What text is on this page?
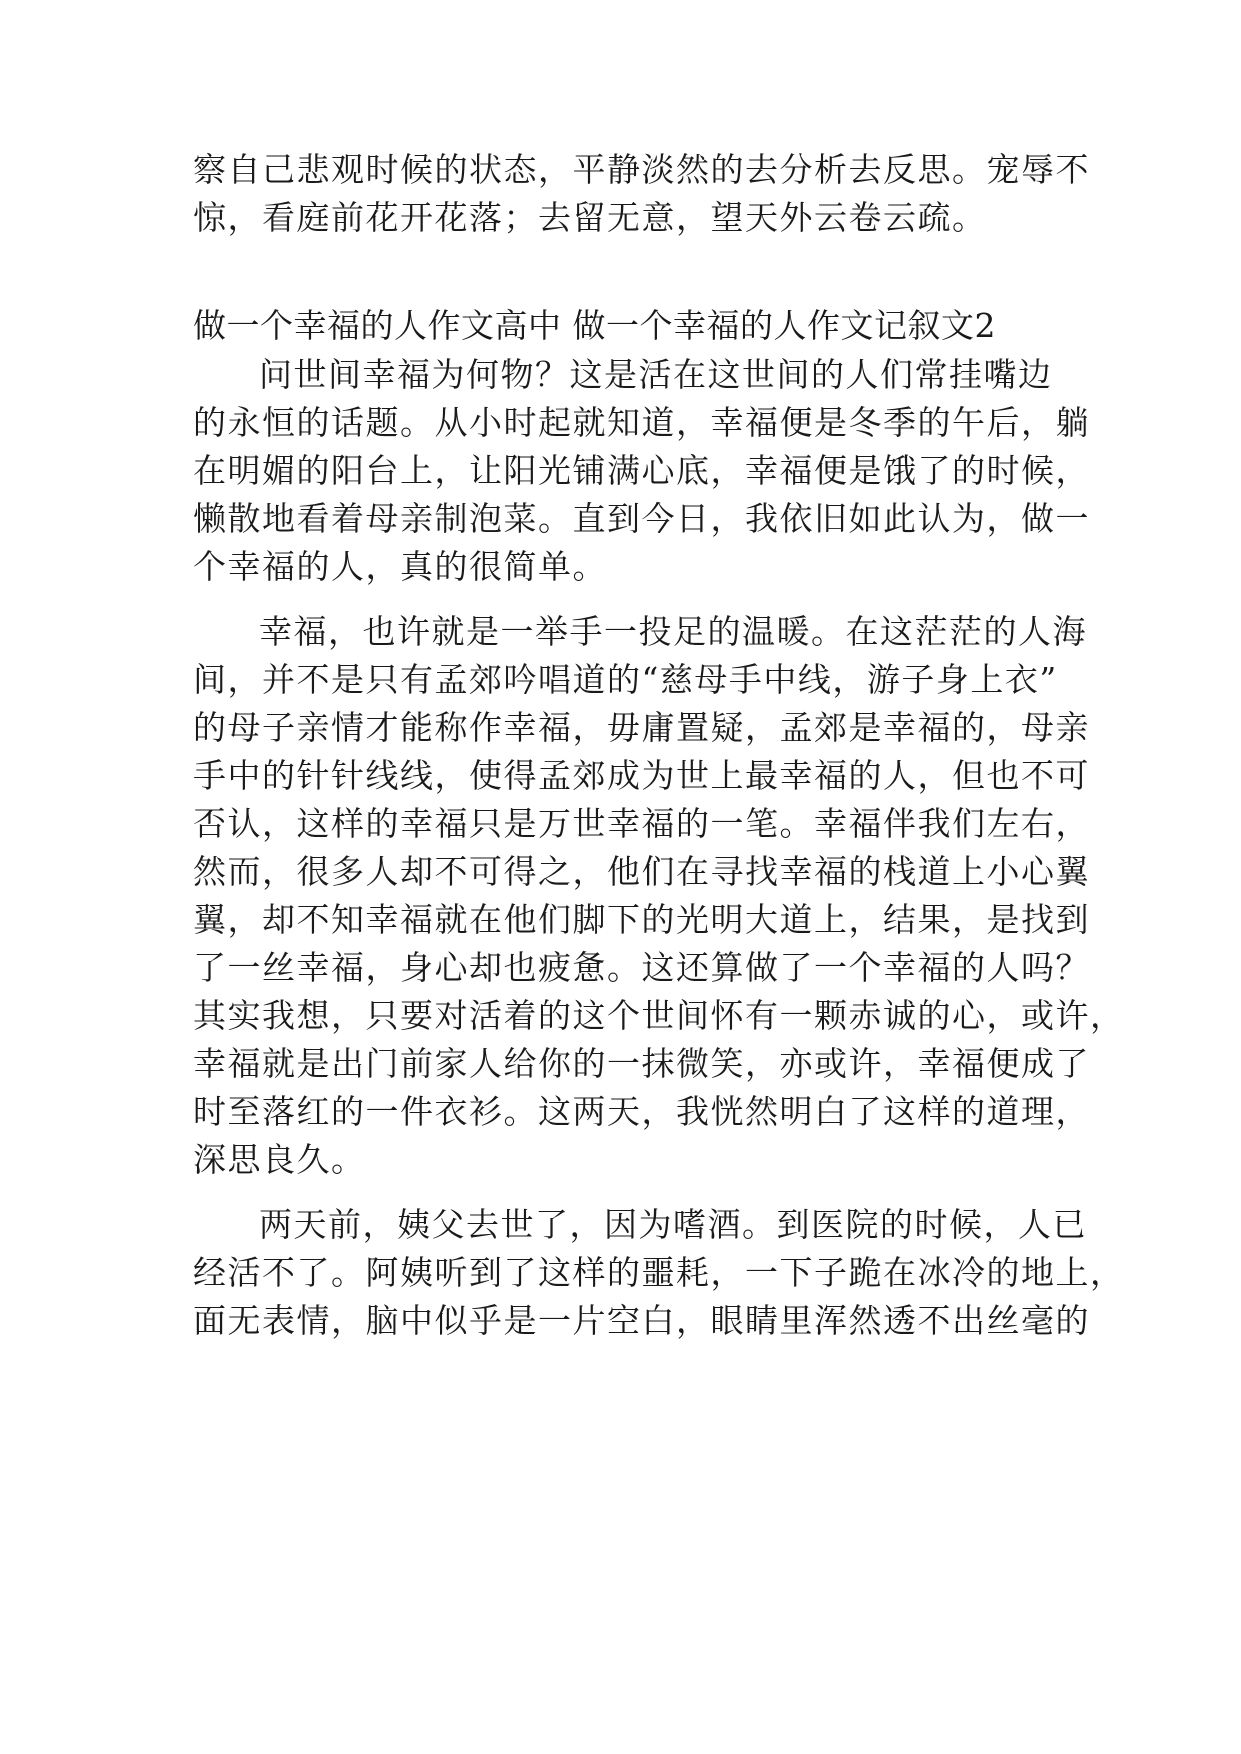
察自己悲观时候的状态，平静淡然的去分析去反思。宠辱不
惊，看庭前花开花落；去留无意，望天外云卷云疏。
做一个幸福的人作文高中 做一个幸福的人作文记叙文2
问世间幸福为何物？这是活在这世间的人们常挂嘴边
的永恒的话题。从小时起就知道，幸福便是冬季的午后，躺
在明媚的阳台上，让阳光铺满心底，幸福便是饿了的时候，
懒散地看着母亲制泡菜。直到今日，我依旧如此认为，做一
个幸福的人，真的很简单。
幸福，也许就是一举手一投足的温暖。在这茫茫的人海
间，并不是只有孟郊吟唱道的“慈母手中线，游子身上衣”
的母子亲情才能称作幸福，毋庸置疑，孟郊是幸福的，母亲
手中的针针线线，使得孟郊成为世上最幸福的人，但也不可
否认，这样的幸福只是万世幸福的一笔。幸福伴我们左右，
然而，很多人却不可得之，他们在寻找幸福的栈道上小心翼
翼，却不知幸福就在他们脚下的光明大道上，结果，是找到
了一丝幸福，身心却也疲惫。这还算做了一个幸福的人吗？
其实我想，只要对活着的这个世间怀有一颗赤诚的心，或许，
幸福就是出门前家人给你的一抹微笑，亦或许，幸福便成了
时至落红的一件衣衫。这两天，我恍然明白了这样的道理，
深思良久。
两天前，姨父去世了，因为嗜酒。到医院的时候，人已
经活不了。阿姨听到了这样的噩耗，一下子跪在冰冷的地上，
面无表情，脑中似乎是一片空白，眼睛里浑然透不出丝毫的
